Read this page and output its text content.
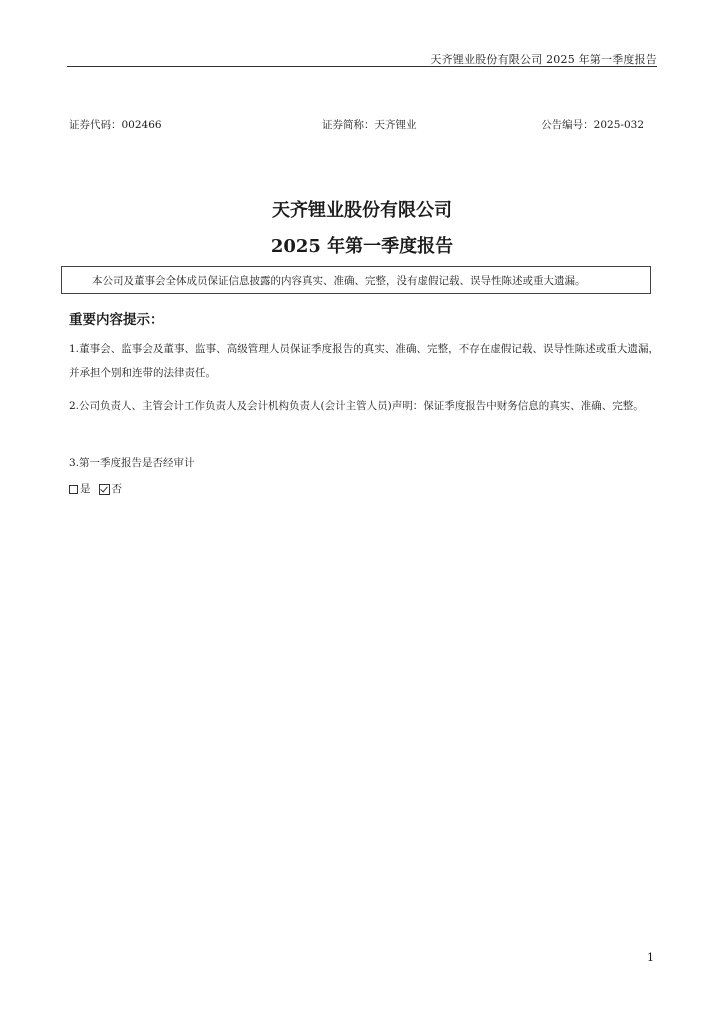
天齐锂业股份有限公司 2025 年第一季度报告
证券代码：002466	证券简称：天齐锂业	公告编号：2025-032
天齐锂业股份有限公司
2025 年第一季度报告
本公司及董事会全体成员保证信息披露的内容真实、准确、完整，没有虚假记载、误导性陈述或重大遗漏。
重要内容提示：
1.董事会、监事会及董事、监事、高级管理人员保证季度报告的真实、准确、完整，不存在虚假记载、误导性陈述或重大遗漏，并承担个别和连带的法律责任。
2.公司负责人、主管会计工作负责人及会计机构负责人(会计主管人员)声明：保证季度报告中财务信息的真实、准确、完整。
3.第一季度报告是否经审计
是 否
1
